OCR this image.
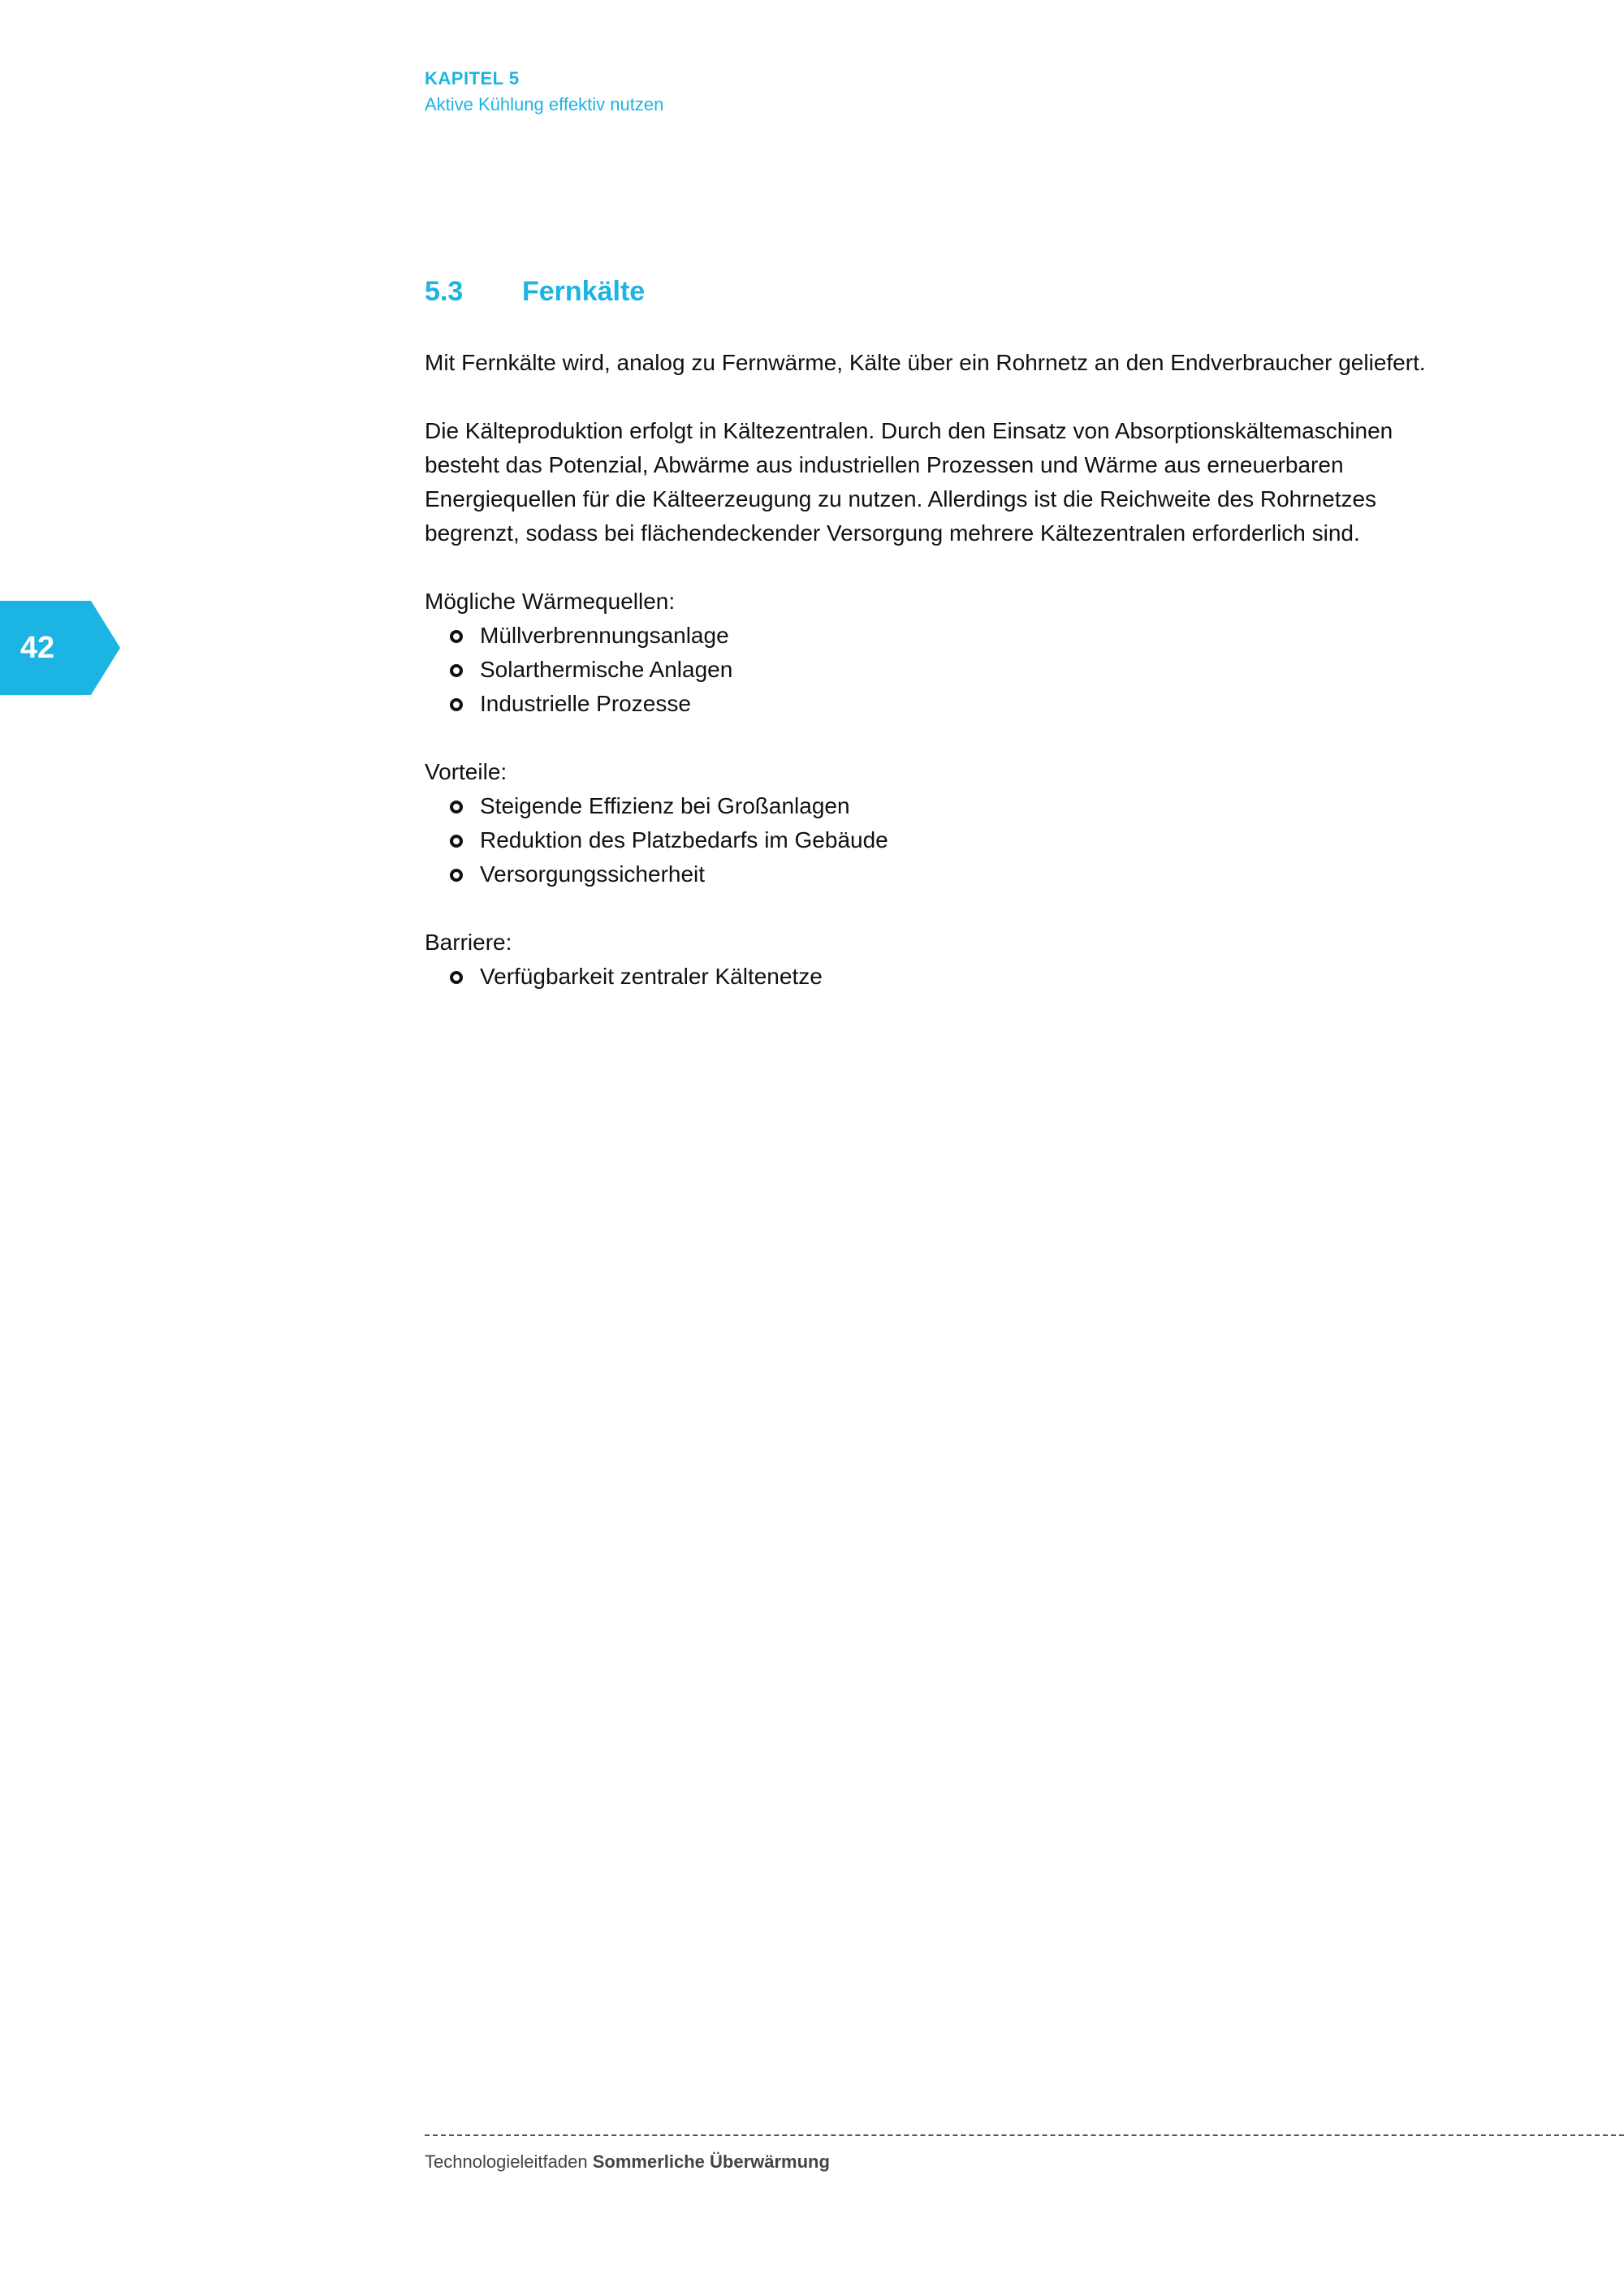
KAPITEL 5
Aktive Kühlung effektiv nutzen
42
5.3 Fernkälte

Mit Fernkälte wird, analog zu Fernwärme, Kälte über ein Rohrnetz an den Endverbraucher geliefert.

Die Kälteproduktion erfolgt in Kältezentralen. Durch den Einsatz von Absorptionskältemaschinen besteht das Potenzial, Abwärme aus industriellen Prozessen und Wärme aus erneuerbaren Energiequellen für die Kälteerzeugung zu nutzen. Allerdings ist die Reichweite des Rohrnetzes begrenzt, sodass bei flächendeckender Versorgung mehrere Kältezentralen erforderlich sind.

Mögliche Wärmequellen:
Müllverbrennungsanlage
Solarthermische Anlagen
Industrielle Prozesse
Vorteile:
Steigende Effizienz bei Großanlagen
Reduktion des Platzbedarfs im Gebäude
Versorgungssicherheit
Barriere:
Verfügbarkeit zentraler Kältenetze
Technologieleitfaden Sommerliche Überwärmung
